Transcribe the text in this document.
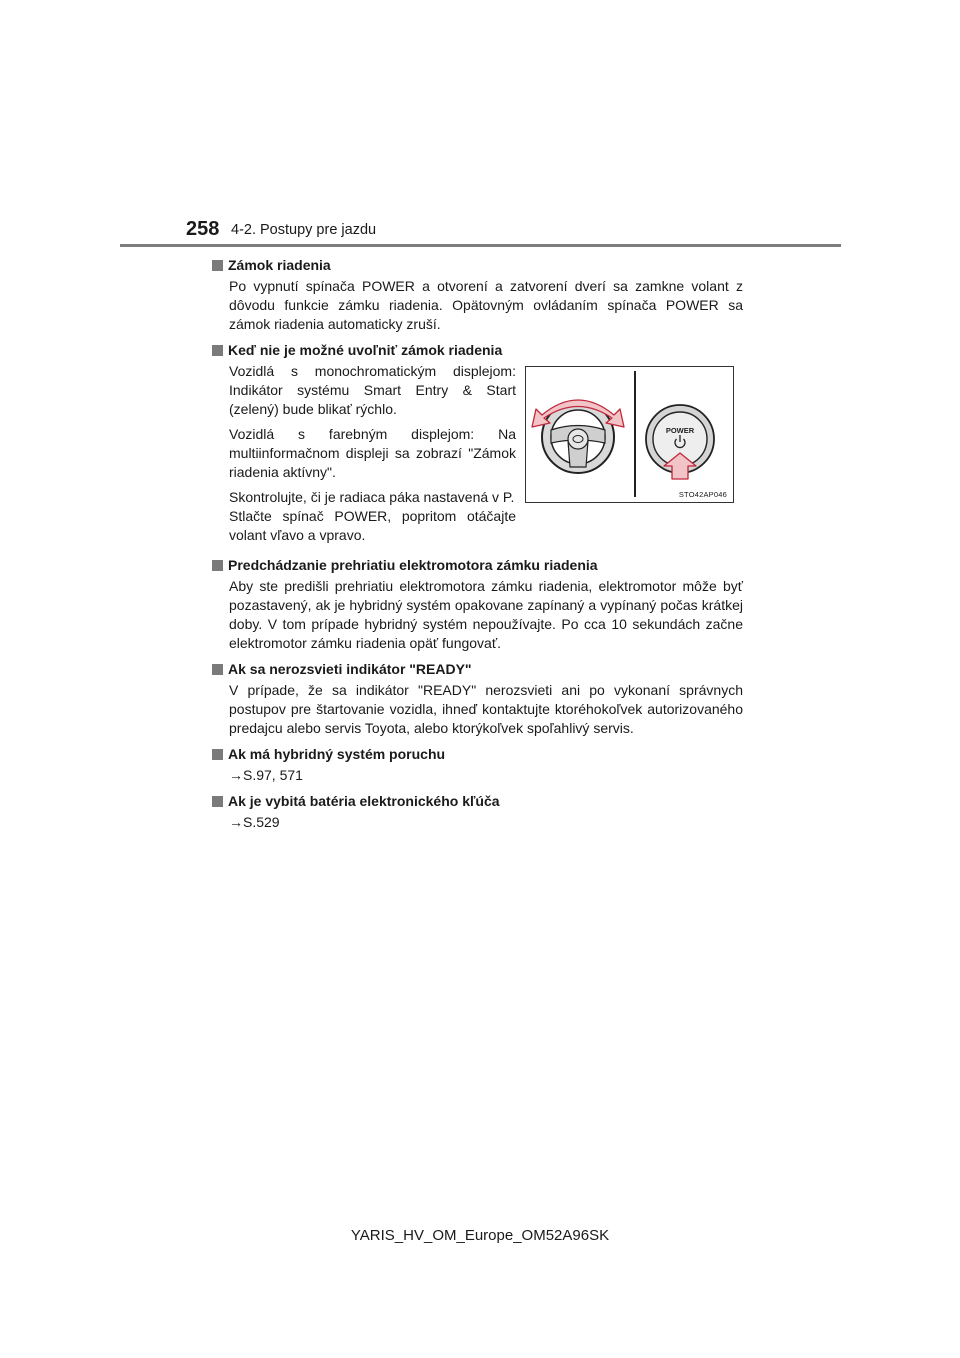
258 4-2. Postupy pre jazdu
Zámok riadenia

Po vypnutí spínača POWER a otvorení a zatvorení dverí sa zamkne volant z dôvodu funkcie zámku riadenia. Opätovným ovládaním spínača POWER sa zámok riadenia automaticky zruší.

Keď nie je možné uvoľniť zámok riadenia

Vozidlá s monochromatickým displejom: Indikátor systému Smart Entry & Start (zelený) bude blikať rýchlo.

Vozidlá s farebným displejom: Na multiinformačnom displeji sa zobrazí "Zámok riadenia aktívny".

Skontrolujte, či je radiaca páka nastavená v P.
Stlačte spínač POWER, popritom otáčajte volant vľavo a vpravo.

POWER
STO42AP046
Predchádzanie prehriatiu elektromotora zámku riadenia

Aby ste predišli prehriatiu elektromotora zámku riadenia, elektromotor môže byť pozastavený, ak je hybridný systém opakovane zapínaný a vypínaný počas krátkej doby. V tom prípade hybridný systém nepoužívajte. Po cca 10 sekundách začne elektromotor zámku riadenia opäť fungovať.

Ak sa nerozsvieti indikátor "READY"

V prípade, že sa indikátor "READY" nerozsvieti ani po vykonaní správnych postupov pre štartovanie vozidla, ihneď kontaktujte ktoréhokoľvek autorizovaného predajcu alebo servis Toyota, alebo ktorýkoľvek spoľahlivý servis.

Ak má hybridný systém poruchu
→S.97, 571
Ak je vybitá batéria elektronického kľúča
→S.529
YARIS_HV_OM_Europe_OM52A96SK
